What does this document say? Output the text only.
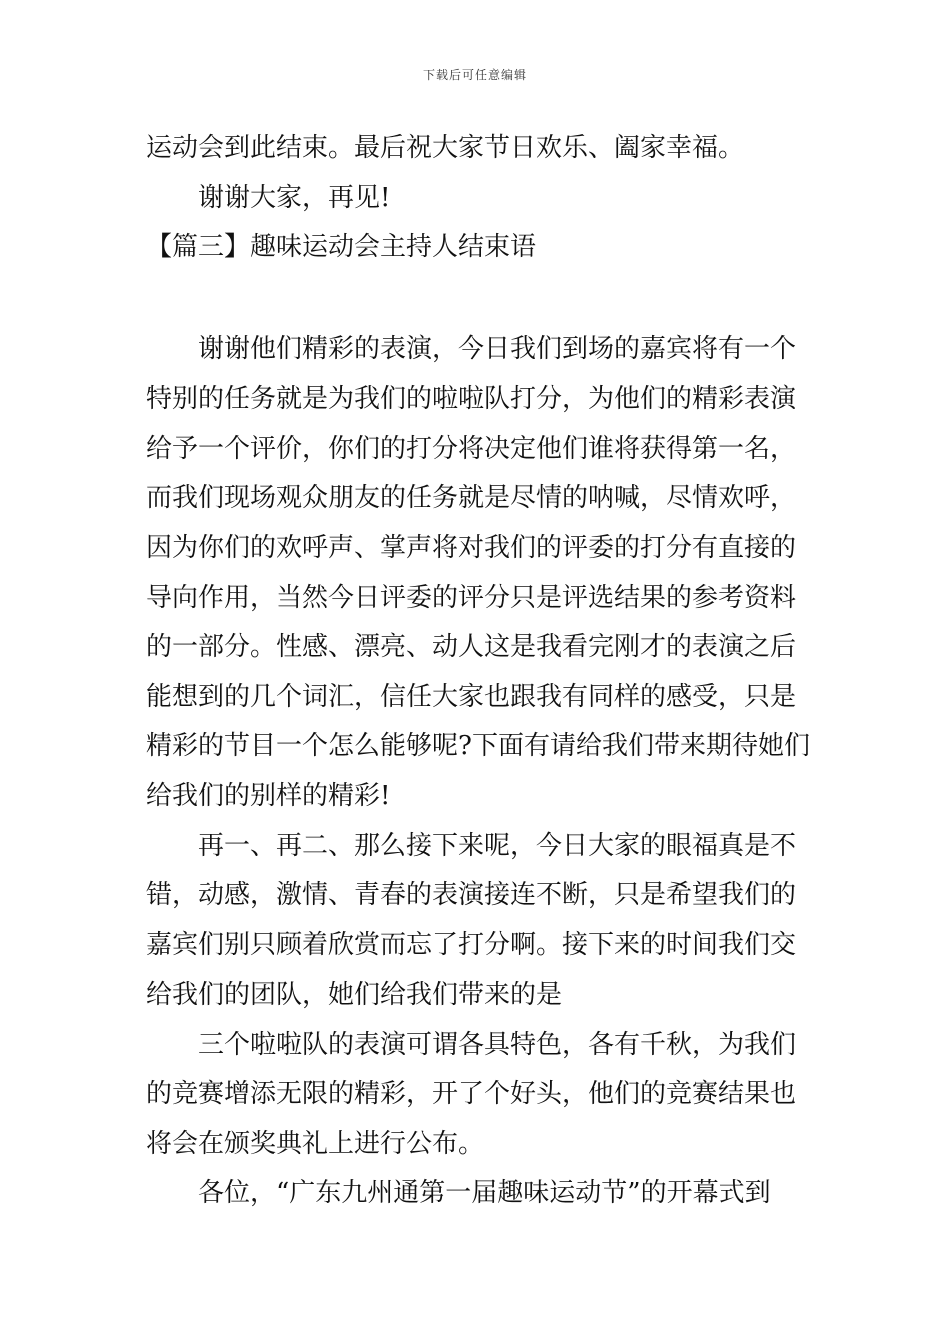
下载后可任意编辑
运动会到此结束。最后祝大家节日欢乐、阖家幸福。
谢谢大家，再见!
【篇三】趣味运动会主持人结束语
谢谢他们精彩的表演，今日我们到场的嘉宾将有一个
特别的任务就是为我们的啦啦队打分，为他们的精彩表演
给予一个评价，你们的打分将决定他们谁将获得第一名，
而我们现场观众朋友的任务就是尽情的呐喊，尽情欢呼，
因为你们的欢呼声、掌声将对我们的评委的打分有直接的
导向作用，当然今日评委的评分只是评选结果的参考资料
的一部分。性感、漂亮、动人这是我看完刚才的表演之后
能想到的几个词汇，信任大家也跟我有同样的感受，只是
精彩的节目一个怎么能够呢?下面有请给我们带来期待她们
给我们的别样的精彩!
再一、再二、那么接下来呢，今日大家的眼福真是不
错，动感，激情、青春的表演接连不断，只是希望我们的
嘉宾们别只顾着欣赏而忘了打分啊。接下来的时间我们交
给我们的团队，她们给我们带来的是
三个啦啦队的表演可谓各具特色，各有千秋，为我们
的竞赛增添无限的精彩，开了个好头，他们的竞赛结果也
将会在颁奖典礼上进行公布。
各位，“广东九州通第一届趣味运动节”的开幕式到
